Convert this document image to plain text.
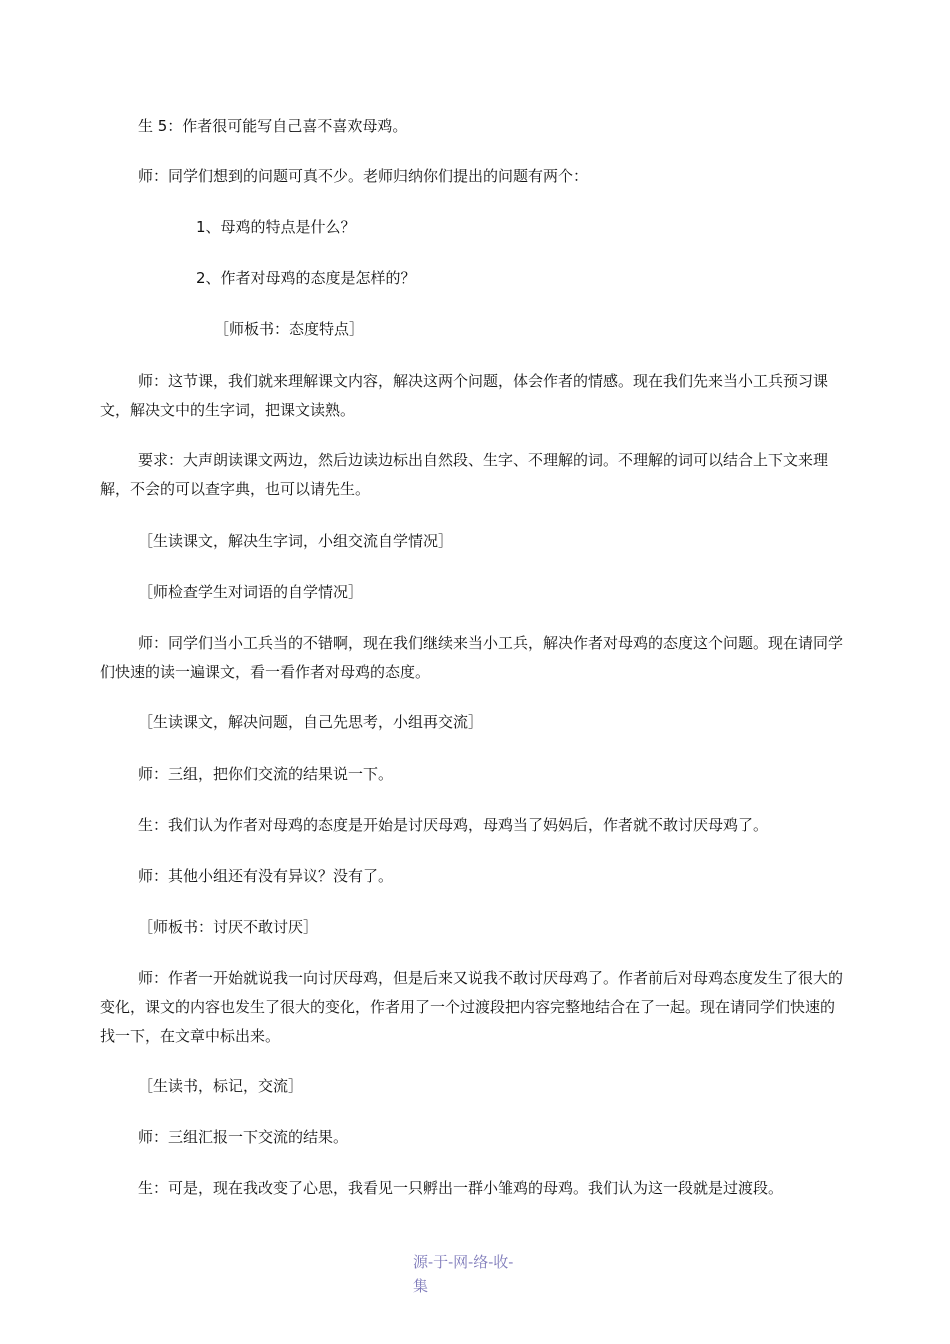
生 5：作者很可能写自己喜不喜欢母鸡。

师：同学们想到的问题可真不少。老师归纳你们提出的问题有两个：

1、母鸡的特点是什么？

2、作者对母鸡的态度是怎样的？

［师板书：态度特点］

师：这节课，我们就来理解课文内容，解决这两个问题，体会作者的情感。现在我们先来当小工兵预习课文，解决文中的生字词，把课文读熟。

要求：大声朗读课文两边，然后边读边标出自然段、生字、不理解的词。不理解的词可以结合上下文来理解，不会的可以查字典，也可以请先生。

［生读课文，解决生字词，小组交流自学情况］

［师检查学生对词语的自学情况］

师：同学们当小工兵当的不错啊，现在我们继续来当小工兵，解决作者对母鸡的态度这个问题。现在请同学们快速的读一遍课文，看一看作者对母鸡的态度。

［生读课文，解决问题，自己先思考，小组再交流］

师：三组，把你们交流的结果说一下。

生：我们认为作者对母鸡的态度是开始是讨厌母鸡，母鸡当了妈妈后，作者就不敢讨厌母鸡了。

师：其他小组还有没有异议？没有了。

［师板书：讨厌不敢讨厌］

师：作者一开始就说我一向讨厌母鸡，但是后来又说我不敢讨厌母鸡了。作者前后对母鸡态度发生了很大的变化，课文的内容也发生了很大的变化，作者用了一个过渡段把内容完整地结合在了一起。现在请同学们快速的找一下，在文章中标出来。

［生读书，标记，交流］

师：三组汇报一下交流的结果。

生：可是，现在我改变了心思，我看见一只孵出一群小雏鸡的母鸡。我们认为这一段就是过渡段。

源-于-网-络-收-
集
